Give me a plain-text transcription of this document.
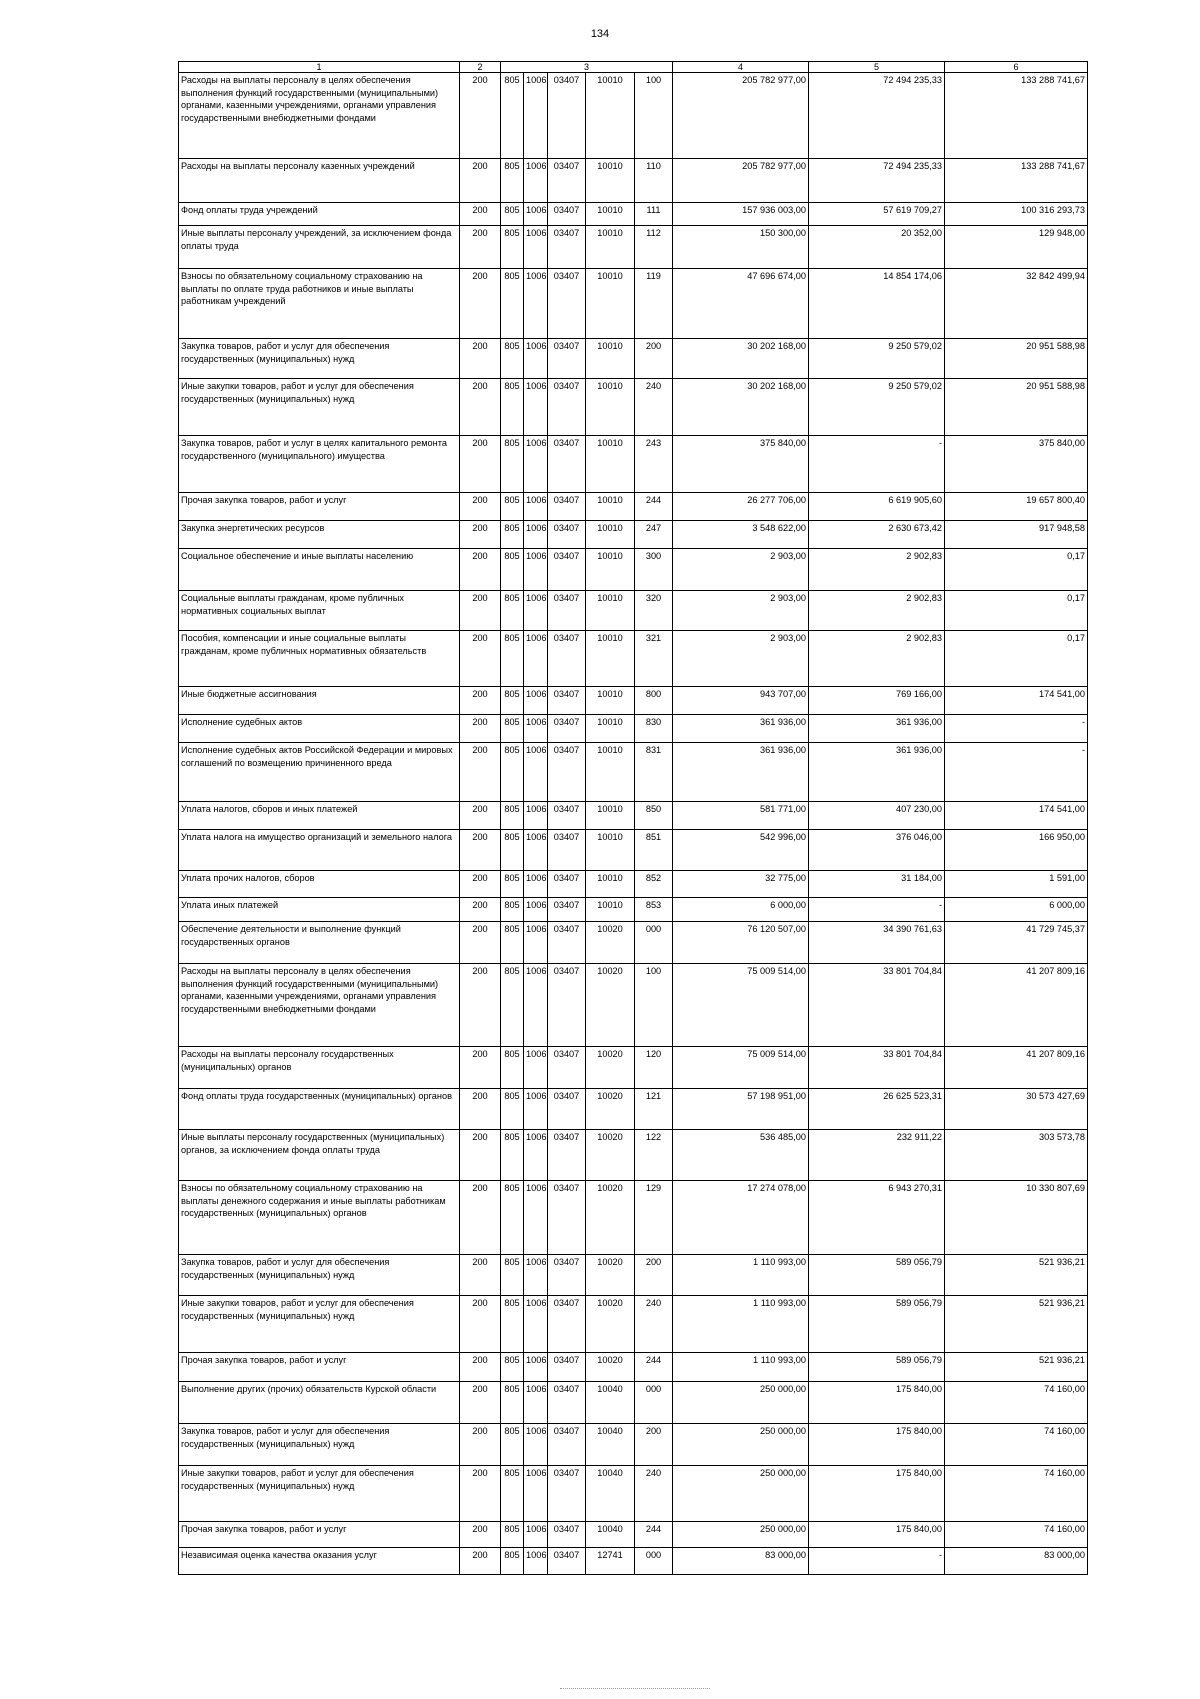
134
1	2	3					4	5	6
Расходы на выплаты персоналу в целях обеспечения выполнения функций государственными (муниципальными) органами, казенными учреждениями, органами управления государственными внебюджетными фондами	200	805	1006	03407	10010	100	205 782 977,00	72 494 235,33	133 288 741,67
Расходы на выплаты персоналу казенных учреждений	200	805	1006	03407	10010	110	205 782 977,00	72 494 235,33	133 288 741,67
Фонд оплаты труда учреждений	200	805	1006	03407	10010	111	157 936 003,00	57 619 709,27	100 316 293,73
Иные выплаты персоналу учреждений, за исключением фонда оплаты труда	200	805	1006	03407	10010	112	150 300,00	20 352,00	129 948,00
Взносы по обязательному социальному страхованию на выплаты по оплате труда работников и иные выплаты работникам учреждений	200	805	1006	03407	10010	119	47 696 674,00	14 854 174,06	32 842 499,94
Закупка товаров, работ и услуг для обеспечения государственных (муниципальных) нужд	200	805	1006	03407	10010	200	30 202 168,00	9 250 579,02	20 951 588,98
Иные закупки товаров, работ и услуг для обеспечения государственных (муниципальных) нужд	200	805	1006	03407	10010	240	30 202 168,00	9 250 579,02	20 951 588,98
Закупка товаров, работ и услуг в целях капитального ремонта государственного (муниципального) имущества	200	805	1006	03407	10010	243	375 840,00	-	375 840,00
Прочая закупка товаров, работ и услуг	200	805	1006	03407	10010	244	26 277 706,00	6 619 905,60	19 657 800,40
Закупка энергетических ресурсов	200	805	1006	03407	10010	247	3 548 622,00	2 630 673,42	917 948,58
Социальное обеспечение и иные выплаты населению	200	805	1006	03407	10010	300	2 903,00	2 902,83	0,17
Социальные выплаты гражданам, кроме публичных нормативных социальных выплат	200	805	1006	03407	10010	320	2 903,00	2 902,83	0,17
Пособия, компенсации и иные социальные выплаты гражданам, кроме публичных нормативных обязательств	200	805	1006	03407	10010	321	2 903,00	2 902,83	0,17
Иные бюджетные ассигнования	200	805	1006	03407	10010	800	943 707,00	769 166,00	174 541,00
Исполнение судебных актов	200	805	1006	03407	10010	830	361 936,00	361 936,00	-
Исполнение судебных актов Российской Федерации и мировых соглашений по возмещению причиненного вреда	200	805	1006	03407	10010	831	361 936,00	361 936,00	-
Уплата налогов, сборов и иных платежей	200	805	1006	03407	10010	850	581 771,00	407 230,00	174 541,00
Уплата налога на имущество организаций и земельного налога	200	805	1006	03407	10010	851	542 996,00	376 046,00	166 950,00
Уплата прочих налогов, сборов	200	805	1006	03407	10010	852	32 775,00	31 184,00	1 591,00
Уплата иных платежей	200	805	1006	03407	10010	853	6 000,00	-	6 000,00
Обеспечение деятельности и выполнение функций государственных органов	200	805	1006	03407	10020	000	76 120 507,00	34 390 761,63	41 729 745,37
Расходы на выплаты персоналу в целях обеспечения выполнения функций государственными (муниципальными) органами, казенными учреждениями, органами управления государственными внебюджетными фондами	200	805	1006	03407	10020	100	75 009 514,00	33 801 704,84	41 207 809,16
Расходы на выплаты персоналу государственных (муниципальных) органов	200	805	1006	03407	10020	120	75 009 514,00	33 801 704,84	41 207 809,16
Фонд оплаты труда государственных (муниципальных) органов	200	805	1006	03407	10020	121	57 198 951,00	26 625 523,31	30 573 427,69
Иные выплаты персоналу государственных (муниципальных) органов, за исключением фонда оплаты труда	200	805	1006	03407	10020	122	536 485,00	232 911,22	303 573,78
Взносы по обязательному социальному страхованию на выплаты денежного содержания и иные выплаты работникам государственных (муниципальных) органов	200	805	1006	03407	10020	129	17 274 078,00	6 943 270,31	10 330 807,69
Закупка товаров, работ и услуг для обеспечения государственных (муниципальных) нужд	200	805	1006	03407	10020	200	1 110 993,00	589 056,79	521 936,21
Иные закупки товаров, работ и услуг для обеспечения государственных (муниципальных) нужд	200	805	1006	03407	10020	240	1 110 993,00	589 056,79	521 936,21
Прочая закупка товаров, работ и услуг	200	805	1006	03407	10020	244	1 110 993,00	589 056,79	521 936,21
Выполнение других (прочих) обязательств Курской области	200	805	1006	03407	10040	000	250 000,00	175 840,00	74 160,00
Закупка товаров, работ и услуг для обеспечения государственных (муниципальных) нужд	200	805	1006	03407	10040	200	250 000,00	175 840,00	74 160,00
Иные закупки товаров, работ и услуг для обеспечения государственных (муниципальных) нужд	200	805	1006	03407	10040	240	250 000,00	175 840,00	74 160,00
Прочая закупка товаров, работ и услуг	200	805	1006	03407	10040	244	250 000,00	175 840,00	74 160,00
Независимая оценка качества оказания услуг	200	805	1006	03407	12741	000	83 000,00	-	83 000,00
